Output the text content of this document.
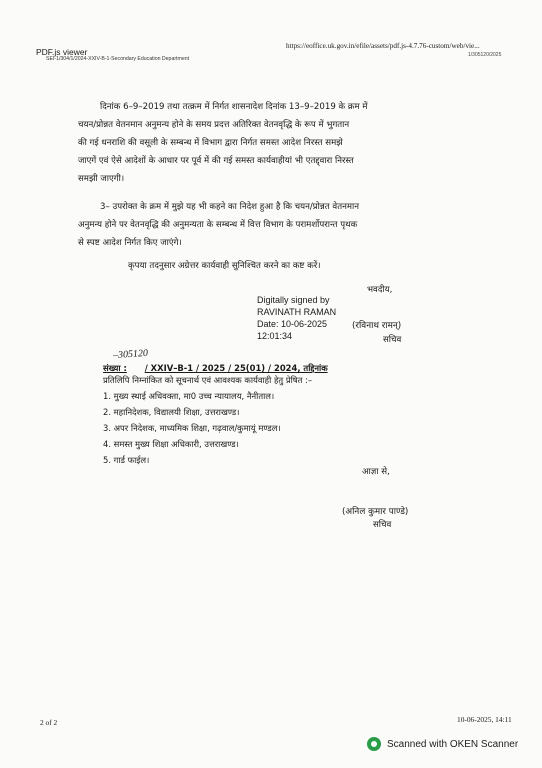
PDF.js viewer
https://eoffice.uk.gov.in/efile/assets/pdf.js-4.7.76-custom/web/vie...
SEI-1/304/1/2024-XXIV-B-1-Secondary Education Department
1/305120/2025
दिनांक 6–9–2019 तथा तत्क्रम में निर्गत शासनादेश दिनांक 13–9–2019 के क्रम में
चयन/प्रोन्नत वेतनमान अनुमन्य होने के समय प्रदत्त अतिरिक्त वेतनवृद्धि के रूप में भुगतान
की गई धनराशि की वसूली के सम्बन्ध में विभाग द्वारा निर्गत समस्त आदेश निरस्त समझे
जाएगें एवं ऐसे आदेशों के आधार पर पूर्व में की गई समस्त कार्यवाहीयां भी एतद्द्वारा निरस्त
समझी जाएगी।
3– उपरोक्त के क्रम में मुझे यह भी कहने का निदेश हुआ है कि चयन/प्रोन्नत वेतनमान
अनुमन्य होने पर वेतनवृद्धि की अनुमन्यता के सम्बन्ध में वित्त विभाग के परामर्शोपरान्त पृथक
से स्पष्ट आदेश निर्गत किए जाएंगे।
कृपया तदनुसार अग्रेत्तर कार्यवाही सुनिश्चित करने का कष्ट करें।
भवदीय,
Digitally signed by
RAVINATH RAMAN
Date: 10-06-2025
12:01:34
(रविनाथ रामन्)
सचिव
–305120
संख्या : / XXIV–B-1 / 2025 / 25(01) / 2024, तद्दिनांक
प्रतिलिपि निम्नांकित को सूचनार्थ एवं आवश्यक कार्यवाही हेतु प्रेषित :–
1. मुख्य स्थाई अधिवक्ता, मा0 उच्च न्यायालय, नैनीताल।
2. महानिदेशक, विद्यालयी शिक्षा, उत्तराखण्ड।
3. अपर निदेशक, माध्यमिक शिक्षा, गढ़वाल/कुमायूं मण्डल।
4. समस्त मुख्य शिक्षा अधिकारी, उत्तराखण्ड।
5. गार्ड फाईल।
आज्ञा से,
(अनिल कुमार पाण्डे)
सचिव
2 of 2	10-06-2025, 14:11
Scanned with OKEN Scanner
